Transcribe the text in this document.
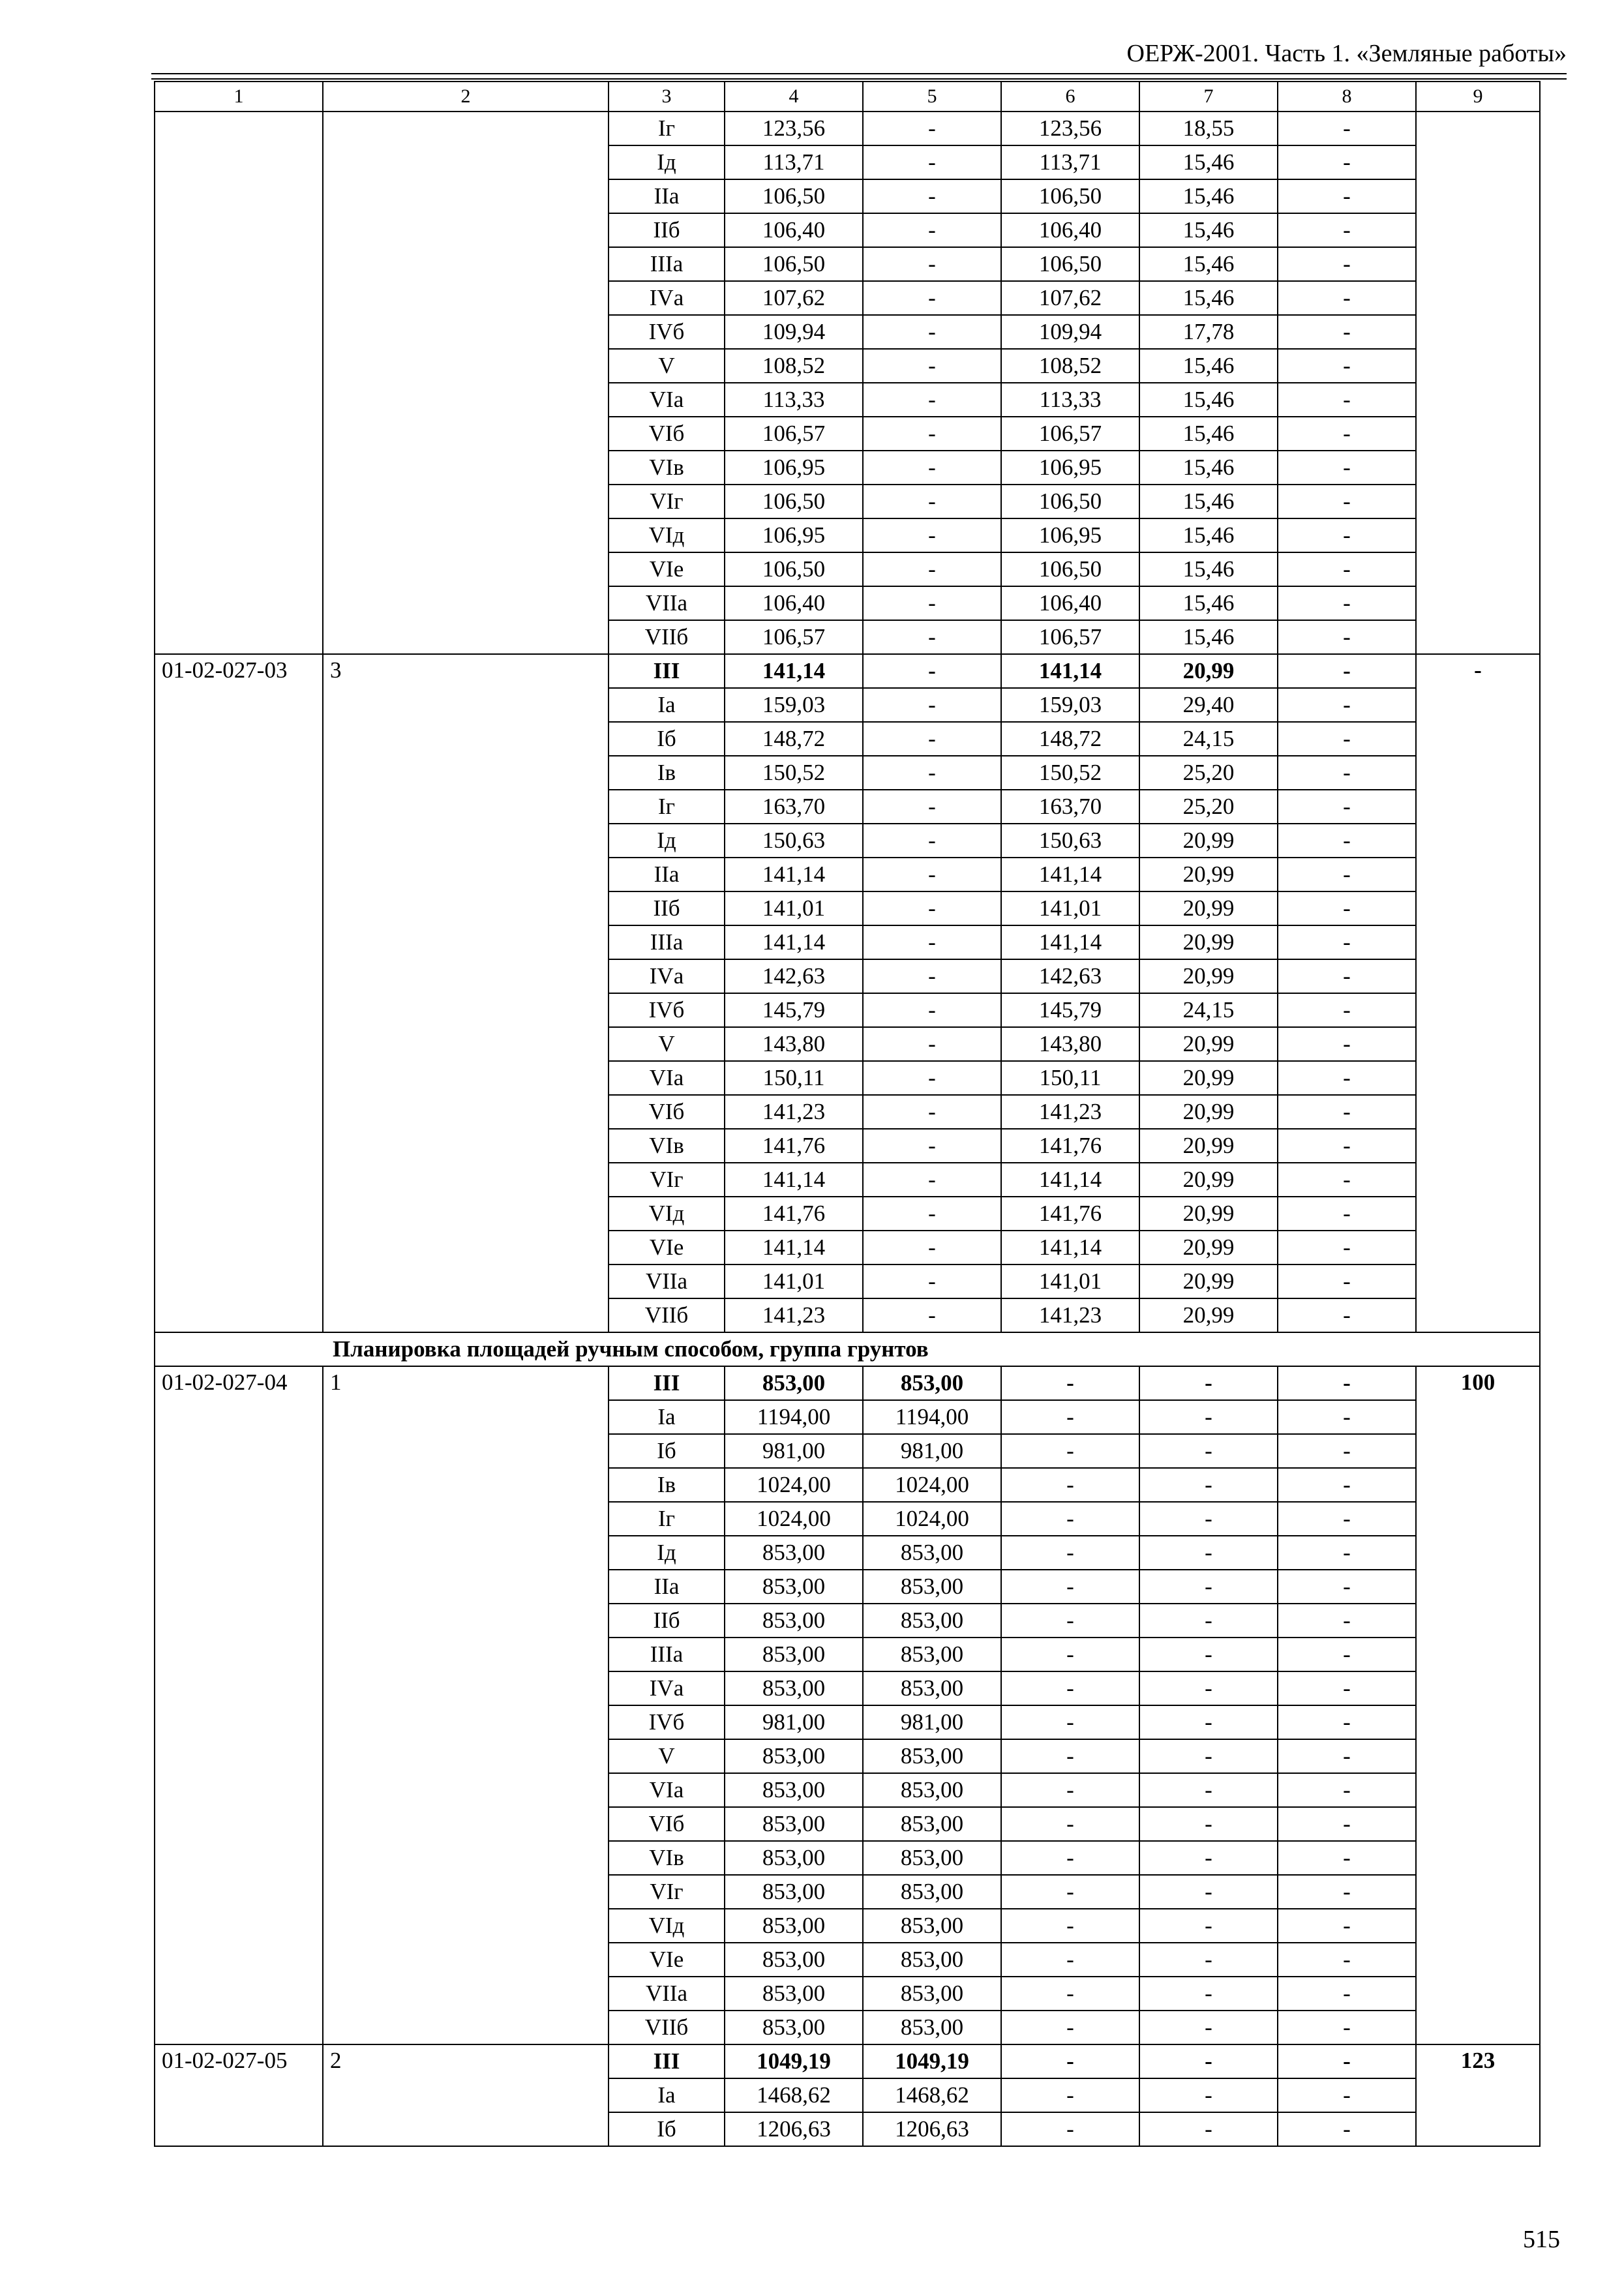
ОЕРЖ-2001. Часть 1. «Земляные работы»
1	2	3	4	5	6	7	8	9
		Iг	123,56	-	123,56	18,55	-	
		Iд	113,71	-	113,71	15,46	-	
		IIа	106,50	-	106,50	15,46	-	
		IIб	106,40	-	106,40	15,46	-	
		IIIа	106,50	-	106,50	15,46	-	
		IVа	107,62	-	107,62	15,46	-	
		IVб	109,94	-	109,94	17,78	-	
		V	108,52	-	108,52	15,46	-	
		VIа	113,33	-	113,33	15,46	-	
		VIб	106,57	-	106,57	15,46	-	
		VIв	106,95	-	106,95	15,46	-	
		VIг	106,50	-	106,50	15,46	-	
		VIд	106,95	-	106,95	15,46	-	
		VIе	106,50	-	106,50	15,46	-	
		VIIа	106,40	-	106,40	15,46	-	
		VIIб	106,57	-	106,57	15,46	-	
01-02-027-03	3	III	141,14	-	141,14	20,99	-	-
		Iа	159,03	-	159,03	29,40	-	
		Iб	148,72	-	148,72	24,15	-	
		Iв	150,52	-	150,52	25,20	-	
		Iг	163,70	-	163,70	25,20	-	
		Iд	150,63	-	150,63	20,99	-	
		IIа	141,14	-	141,14	20,99	-	
		IIб	141,01	-	141,01	20,99	-	
		IIIа	141,14	-	141,14	20,99	-	
		IVа	142,63	-	142,63	20,99	-	
		IVб	145,79	-	145,79	24,15	-	
		V	143,80	-	143,80	20,99	-	
		VIа	150,11	-	150,11	20,99	-	
		VIб	141,23	-	141,23	20,99	-	
		VIв	141,76	-	141,76	20,99	-	
		VIг	141,14	-	141,14	20,99	-	
		VIд	141,76	-	141,76	20,99	-	
		VIе	141,14	-	141,14	20,99	-	
		VIIа	141,01	-	141,01	20,99	-	
		VIIб	141,23	-	141,23	20,99	-	
Планировка площадей ручным способом, группа грунтов								
01-02-027-04	1	III	853,00	853,00	-	-	-	100
		Iа	1194,00	1194,00	-	-	-	
		Iб	981,00	981,00	-	-	-	
		Iв	1024,00	1024,00	-	-	-	
		Iг	1024,00	1024,00	-	-	-	
		Iд	853,00	853,00	-	-	-	
		IIа	853,00	853,00	-	-	-	
		IIб	853,00	853,00	-	-	-	
		IIIа	853,00	853,00	-	-	-	
		IVа	853,00	853,00	-	-	-	
		IVб	981,00	981,00	-	-	-	
		V	853,00	853,00	-	-	-	
		VIа	853,00	853,00	-	-	-	
		VIб	853,00	853,00	-	-	-	
		VIв	853,00	853,00	-	-	-	
		VIг	853,00	853,00	-	-	-	
		VIд	853,00	853,00	-	-	-	
		VIе	853,00	853,00	-	-	-	
		VIIа	853,00	853,00	-	-	-	
		VIIб	853,00	853,00	-	-	-	
01-02-027-05	2	III	1049,19	1049,19	-	-	-	123
		Iа	1468,62	1468,62	-	-	-	
		Iб	1206,63	1206,63	-	-	-	
515
